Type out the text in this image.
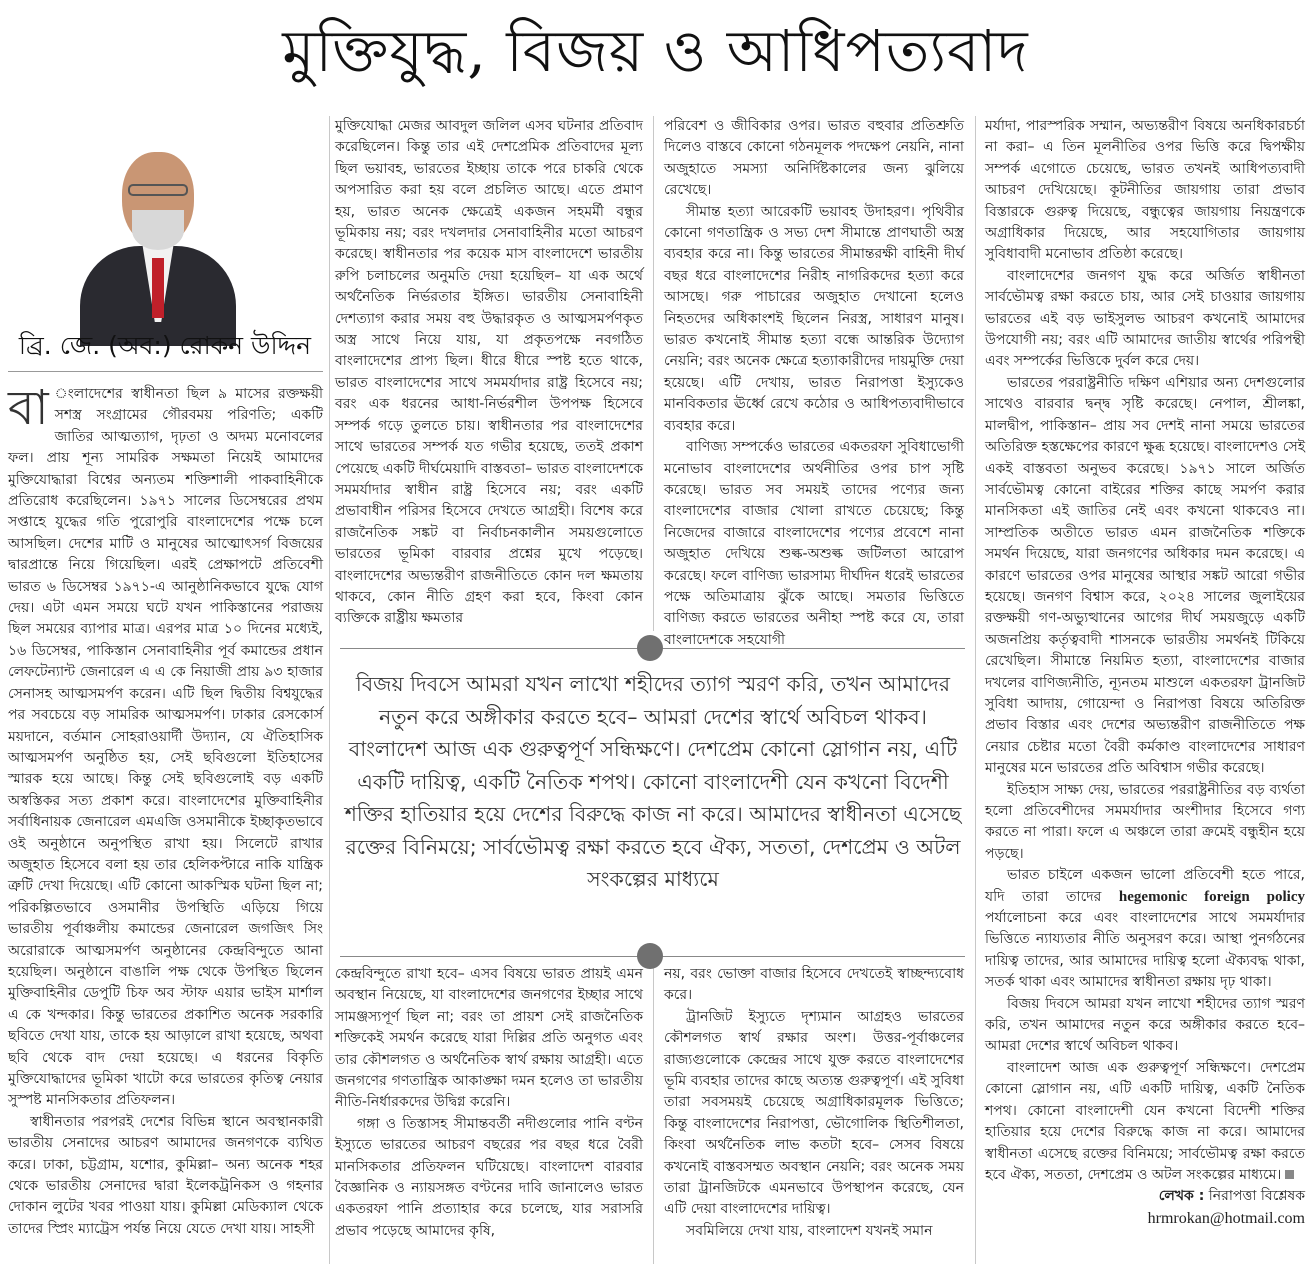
মুক্তিযুদ্ধ, বিজয় ও আধিপত্যবাদ
ব্রি. জে. (অব:) রোকন উদ্দিন

বা ংলাদেশের স্বাধীনতা ছিল ৯ মাসের রক্তক্ষয়ী সশস্ত্র সংগ্রামের গৌরবময় পরিণতি; একটি জাতির আত্মত্যাগ, দৃঢ়তা ও অদম্য মনোবলের ফল। প্রায় শূন্য সামরিক সক্ষমতা নিয়েই আমাদের মুক্তিযোদ্ধারা বিশ্বের অন্যতম শক্তিশালী পাকবাহিনীকে প্রতিরোধ করেছিলেন। ১৯৭১ সালের ডিসেম্বরের প্রথম সপ্তাহে যুদ্ধের গতি পুরোপুরি বাংলাদেশের পক্ষে চলে আসছিল। দেশের মাটি ও মানুষের আত্মোৎসর্গ বিজয়ের দ্বারপ্রান্তে নিয়ে গিয়েছিল। এরই প্রেক্ষাপটে প্রতিবেশী ভারত ৬ ডিসেম্বর ১৯৭১-এ আনুষ্ঠানিকভাবে যুদ্ধে যোগ দেয়। এটা এমন সময়ে ঘটে যখন পাকিস্তানের পরাজয় ছিল সময়ের ব্যাপার মাত্র। এরপর মাত্র ১০ দিনের মধ্যেই, ১৬ ডিসেম্বর, পাকিস্তান সেনাবাহিনীর পূর্ব কমান্ডের প্রধান লেফটেন্যান্ট জেনারেল এ এ কে নিয়াজী প্রায় ৯৩ হাজার সেনাসহ আত্মসমর্পণ করেন। এটি ছিল দ্বিতীয় বিশ্বযুদ্ধের পর সবচেয়ে বড় সামরিক আত্মসমর্পণ। ঢাকার রেসকোর্স ময়দানে, বর্তমান সোহরাওয়ার্দী উদ্যান, যে ঐতিহাসিক আত্মসমর্পণ অনুষ্ঠিত হয়, সেই ছবিগুলো ইতিহাসের স্মারক হয়ে আছে। কিন্তু সেই ছবিগুলোই বড় একটি অস্বস্তিকর সত্য প্রকাশ করে। বাংলাদেশের মুক্তিবাহিনীর সর্বাধিনায়ক জেনারেল এমএজি ওসমানীকে ইচ্ছাকৃতভাবে ওই অনুষ্ঠানে অনুপস্থিত রাখা হয়। সিলেটে রাখার অজুহাত হিসেবে বলা হয় তার হেলিকপ্টারে নাকি যান্ত্রিক ত্রুটি দেখা দিয়েছে। এটি কোনো আকস্মিক ঘটনা ছিল না; পরিকল্পিতভাবে ওসমানীর উপস্থিতি এড়িয়ে গিয়ে ভারতীয় পূর্বাঞ্চলীয় কমান্ডের জেনারেল জগজিৎ সিং অরোরাকে আত্মসমর্পণ অনুষ্ঠানের কেন্দ্রবিন্দুতে আনা হয়েছিল। অনুষ্ঠানে বাঙালি পক্ষ থেকে উপস্থিত ছিলেন মুক্তিবাহিনীর ডেপুটি চিফ অব স্টাফ এয়ার ভাইস মার্শাল এ কে খন্দকার। কিন্তু ভারতের প্রকাশিত অনেক সরকারি ছবিতে দেখা যায়, তাকে হয় আড়ালে রাখা হয়েছে, অথবা ছবি থেকে বাদ দেয়া হয়েছে। এ ধরনের বিকৃতি মুক্তিযোদ্ধাদের ভূমিকা খাটো করে ভারতের কৃতিত্ব নেয়ার সুস্পষ্ট মানসিকতার প্রতিফলন।

স্বাধীনতার পরপরই দেশের বিভিন্ন স্থানে অবস্থানকারী ভারতীয় সেনাদের আচরণ আমাদের জনগণকে ব্যথিত করে। ঢাকা, চট্টগ্রাম, যশোর, কুমিল্লা– অন্য অনেক শহর থেকে ভারতীয় সেনাদের দ্বারা ইলেকট্রনিকস ও গহনার দোকান লুটের খবর পাওয়া যায়। কুমিল্লা মেডিক্যাল থেকে তাদের স্প্রিং ম্যাট্রেস পর্যন্ত নিয়ে যেতে দেখা যায়। সাহসী

মুক্তিযোদ্ধা মেজর আবদুল জলিল এসব ঘটনার প্রতিবাদ করেছিলেন। কিন্তু তার এই দেশপ্রেমিক প্রতিবাদের মূল্য ছিল ভয়াবহ, ভারতের ইচ্ছায় তাকে পরে চাকরি থেকে অপসারিত করা হয় বলে প্রচলিত আছে। এতে প্রমাণ হয়, ভারত অনেক ক্ষেত্রেই একজন সহমর্মী বন্ধুর ভূমিকায় নয়; বরং দখলদার সেনাবাহিনীর মতো আচরণ করেছে। স্বাধীনতার পর কয়েক মাস বাংলাদেশে ভারতীয় রুপি চলাচলের অনুমতি দেয়া হয়েছিল– যা এক অর্থে অর্থনৈতিক নির্ভরতার ইঙ্গিত। ভারতীয় সেনাবাহিনী দেশত্যাগ করার সময় বহু উদ্ধারকৃত ও আত্মসমর্পণকৃত অস্ত্র সাথে নিয়ে যায়, যা প্রকৃতপক্ষে নবগঠিত বাংলাদেশের প্রাপ্য ছিল। ধীরে ধীরে স্পষ্ট হতে থাকে, ভারত বাংলাদেশের সাথে সমমর্যাদার রাষ্ট্র হিসেবে নয়; বরং এক ধরনের আধা-নির্ভরশীল উপপক্ষ হিসেবে সম্পর্ক গড়ে তুলতে চায়। স্বাধীনতার পর বাংলাদেশের সাথে ভারতের সম্পর্ক যত গভীর হয়েছে, ততই প্রকাশ পেয়েছে একটি দীর্ঘমেয়াদি বাস্তবতা– ভারত বাংলাদেশকে সমমর্যাদার স্বাধীন রাষ্ট্র হিসেবে নয়; বরং একটি প্রভাবাধীন পরিসর হিসেবে দেখতে আগ্রহী। বিশেষ করে রাজনৈতিক সঙ্কট বা নির্বাচনকালীন সময়গুলোতে ভারতের ভূমিকা বারবার প্রশ্নের মুখে পড়েছে। বাংলাদেশের অভ্যন্তরীণ রাজনীতিতে কোন দল ক্ষমতায় থাকবে, কোন নীতি গ্রহণ করা হবে, কিংবা কোন ব্যক্তিকে রাষ্ট্রীয় ক্ষমতার

পরিবেশ ও জীবিকার ওপর। ভারত বহুবার প্রতিশ্রুতি দিলেও বাস্তবে কোনো গঠনমূলক পদক্ষেপ নেয়নি, নানা অজুহাতে সমস্যা অনির্দিষ্টকালের জন্য ঝুলিয়ে রেখেছে।

সীমান্ত হত্যা আরেকটি ভয়াবহ উদাহরণ। পৃথিবীর কোনো গণতান্ত্রিক ও সভ্য দেশ সীমান্তে প্রাণঘাতী অস্ত্র ব্যবহার করে না। কিন্তু ভারতের সীমান্তরক্ষী বাহিনী দীর্ঘ বছর ধরে বাংলাদেশের নিরীহ নাগরিকদের হত্যা করে আসছে। গরু পাচারের অজুহাত দেখানো হলেও নিহতদের অধিকাংশই ছিলেন নিরস্ত্র, সাধারণ মানুষ। ভারত কখনোই সীমান্ত হত্যা বন্ধে আন্তরিক উদ্যোগ নেয়নি; বরং অনেক ক্ষেত্রে হত্যাকারীদের দায়মুক্তি দেয়া হয়েছে। এটি দেখায়, ভারত নিরাপত্তা ইস্যুকেও মানবিকতার ঊর্ধ্বে রেখে কঠোর ও আধিপত্যবাদীভাবে ব্যবহার করে।

বাণিজ্য সম্পর্কেও ভারতের একতরফা সুবিধাভোগী মনোভাব বাংলাদেশের অর্থনীতির ওপর চাপ সৃষ্টি করেছে। ভারত সব সময়ই তাদের পণ্যের জন্য বাংলাদেশের বাজার খোলা রাখতে চেয়েছে; কিন্তু নিজেদের বাজারে বাংলাদেশের পণ্যের প্রবেশে নানা অজুহাত দেখিয়ে শুল্ক-অশুল্ক জটিলতা আরোপ করেছে। ফলে বাণিজ্য ভারসাম্য দীর্ঘদিন ধরেই ভারতের পক্ষে অতিমাত্রায় ঝুঁকে আছে। সমতার ভিত্তিতে বাণিজ্য করতে ভারতের অনীহা স্পষ্ট করে যে, তারা বাংলাদেশকে সহযোগী

বিজয় দিবসে আমরা যখন লাখো শহীদের ত্যাগ স্মরণ করি, তখন আমাদের নতুন করে অঙ্গীকার করতে হবে– আমরা দেশের স্বার্থে অবিচল থাকব। বাংলাদেশ আজ এক গুরুত্বপূর্ণ সন্ধিক্ষণে। দেশপ্রেম কোনো স্লোগান নয়, এটি একটি দায়িত্ব, একটি নৈতিক শপথ। কোনো বাংলাদেশী যেন কখনো বিদেশী শক্তির হাতিয়ার হয়ে দেশের বিরুদ্ধে কাজ না করে। আমাদের স্বাধীনতা এসেছে রক্তের বিনিময়ে; সার্বভৌমত্ব রক্ষা করতে হবে ঐক্য, সততা, দেশপ্রেম ও অটল সংকল্পের মাধ্যমে

কেন্দ্রবিন্দুতে রাখা হবে– এসব বিষয়ে ভারত প্রায়ই এমন অবস্থান নিয়েছে, যা বাংলাদেশের জনগণের ইচ্ছার সাথে সামঞ্জস্যপূর্ণ ছিল না; বরং তা প্রায়শ সেই রাজনৈতিক শক্তিকেই সমর্থন করেছে যারা দিল্লির প্রতি অনুগত এবং তার কৌশলগত ও অর্থনৈতিক স্বার্থ রক্ষায় আগ্রহী। এতে জনগণের গণতান্ত্রিক আকাঙ্ক্ষা দমন হলেও তা ভারতীয় নীতি-নির্ধারকদের উদ্বিগ্ন করেনি।

গঙ্গা ও তিস্তাসহ সীমান্তবর্তী নদীগুলোর পানি বণ্টন ইস্যুতে ভারতের আচরণ বছরের পর বছর ধরে বৈরী মানসিকতার প্রতিফলন ঘটিয়েছে। বাংলাদেশ বারবার বৈজ্ঞানিক ও ন্যায়সঙ্গত বণ্টনের দাবি জানালেও ভারত একতরফা পানি প্রত্যাহার করে চলেছে, যার সরাসরি প্রভাব পড়েছে আমাদের কৃষি,

নয়, বরং ভোক্তা বাজার হিসেবে দেখতেই স্বাচ্ছন্দ্যবোধ করে।

ট্রানজিট ইস্যুতে দৃশ্যমান আগ্রহও ভারতের কৌশলগত স্বার্থ রক্ষার অংশ। উত্তর-পূর্বাঞ্চলের রাজ্যগুলোকে কেন্দ্রের সাথে যুক্ত করতে বাংলাদেশের ভূমি ব্যবহার তাদের কাছে অত্যন্ত গুরুত্বপূর্ণ। এই সুবিধা তারা সবসময়ই চেয়েছে অগ্রাধিকারমূলক ভিত্তিতে; কিন্তু বাংলাদেশের নিরাপত্তা, ভৌগোলিক স্থিতিশীলতা, কিংবা অর্থনৈতিক লাভ কতটা হবে– সেসব বিষয়ে কখনোই বাস্তবসম্মত অবস্থান নেয়নি; বরং অনেক সময় তারা ট্রানজিটকে এমনভাবে উপস্থাপন করেছে, যেন এটি দেয়া বাংলাদেশের দায়িত্ব।

সবমিলিয়ে দেখা যায়, বাংলাদেশ যখনই সমান

মর্যাদা, পারস্পরিক সম্মান, অভ্যন্তরীণ বিষয়ে অনধিকারচর্চা না করা– এ তিন মূলনীতির ওপর ভিত্তি করে দ্বিপক্ষীয় সম্পর্ক এগোতে চেয়েছে, ভারত তখনই আধিপত্যবাদী আচরণ দেখিয়েছে। কূটনীতির জায়গায় তারা প্রভাব বিস্তারকে গুরুত্ব দিয়েছে, বন্ধুত্বের জায়গায় নিয়ন্ত্রণকে অগ্রাধিকার দিয়েছে, আর সহযোগিতার জায়গায় সুবিধাবাদী মনোভাব প্রতিষ্ঠা করেছে।

বাংলাদেশের জনগণ যুদ্ধ করে অর্জিত স্বাধীনতা সার্বভৌমত্ব রক্ষা করতে চায়, আর সেই চাওয়ার জায়গায় ভারতের এই বড় ভাইসুলভ আচরণ কখনোই আমাদের উপযোগী নয়; বরং এটি আমাদের জাতীয় স্বার্থের পরিপন্থী এবং সম্পর্কের ভিত্তিকে দুর্বল করে দেয়।

ভারতের পররাষ্ট্রনীতি দক্ষিণ এশিয়ার অন্য দেশগুলোর সাথেও বারবার দ্বন্দ্ব সৃষ্টি করেছে। নেপাল, শ্রীলঙ্কা, মালদ্বীপ, পাকিস্তান– প্রায় সব দেশই নানা সময়ে ভারতের অতিরিক্ত হস্তক্ষেপের কারণে ক্ষুব্ধ হয়েছে। বাংলাদেশও সেই একই বাস্তবতা অনুভব করেছে। ১৯৭১ সালে অর্জিত সার্বভৌমত্ব কোনো বাইরের শক্তির কাছে সমর্পণ করার মানসিকতা এই জাতির নেই এবং কখনো থাকবেও না। সাম্প্রতিক অতীতে ভারত এমন রাজনৈতিক শক্তিকে সমর্থন দিয়েছে, যারা জনগণের অধিকার দমন করেছে। এ কারণে ভারতের ওপর মানুষের আস্থার সঙ্কট আরো গভীর হয়েছে। জনগণ বিশ্বাস করে, ২০২৪ সালের জুলাইয়ের রক্তক্ষয়ী গণ-অভ্যুত্থানের আগের দীর্ঘ সময়জুড়ে একটি অজনপ্রিয় কর্তৃত্ববাদী শাসনকে ভারতীয় সমর্থনই টিকিয়ে রেখেছিল। সীমান্তে নিয়মিত হত্যা, বাংলাদেশের বাজার দখলের বাণিজ্যনীতি, ন্যূনতম মাশুলে একতরফা ট্রানজিট সুবিধা আদায়, গোয়েন্দা ও নিরাপত্তা বিষয়ে অতিরিক্ত প্রভাব বিস্তার এবং দেশের অভ্যন্তরীণ রাজনীতিতে পক্ষ নেয়ার চেষ্টার মতো বৈরী কর্মকাণ্ড বাংলাদেশের সাধারণ মানুষের মনে ভারতের প্রতি অবিশ্বাস গভীর করেছে।

ইতিহাস সাক্ষ্য দেয়, ভারতের পররাষ্ট্রনীতির বড় ব্যর্থতা হলো প্রতিবেশীদের সমমর্যাদার অংশীদার হিসেবে গণ্য করতে না পারা। ফলে এ অঞ্চলে তারা ক্রমেই বন্ধুহীন হয়ে পড়ছে।

ভারত চাইলে একজন ভালো প্রতিবেশী হতে পারে, যদি তারা তাদের hegemonic foreign policy পর্যালোচনা করে এবং বাংলাদেশের সাথে সমমর্যাদার ভিত্তিতে ন্যায্যতার নীতি অনুসরণ করে। আস্থা পুনর্গঠনের দায়িত্ব তাদের, আর আমাদের দায়িত্ব হলো ঐক্যবদ্ধ থাকা, সতর্ক থাকা এবং আমাদের স্বাধীনতা রক্ষায় দৃঢ় থাকা।

বিজয় দিবসে আমরা যখন লাখো শহীদের ত্যাগ স্মরণ করি, তখন আমাদের নতুন করে অঙ্গীকার করতে হবে– আমরা দেশের স্বার্থে অবিচল থাকব।

বাংলাদেশ আজ এক গুরুত্বপূর্ণ সন্ধিক্ষণে। দেশপ্রেম কোনো স্লোগান নয়, এটি একটি দায়িত্ব, একটি নৈতিক শপথ। কোনো বাংলাদেশী যেন কখনো বিদেশী শক্তির হাতিয়ার হয়ে দেশের বিরুদ্ধে কাজ না করে। আমাদের স্বাধীনতা এসেছে রক্তের বিনিময়ে; সার্বভৌমত্ব রক্ষা করতে হবে ঐক্য, সততা, দেশপ্রেম ও অটল সংকল্পের মাধ্যমে।

লেখক : নিরাপত্তা বিশ্লেষক

hrmrokan@hotmail.com
